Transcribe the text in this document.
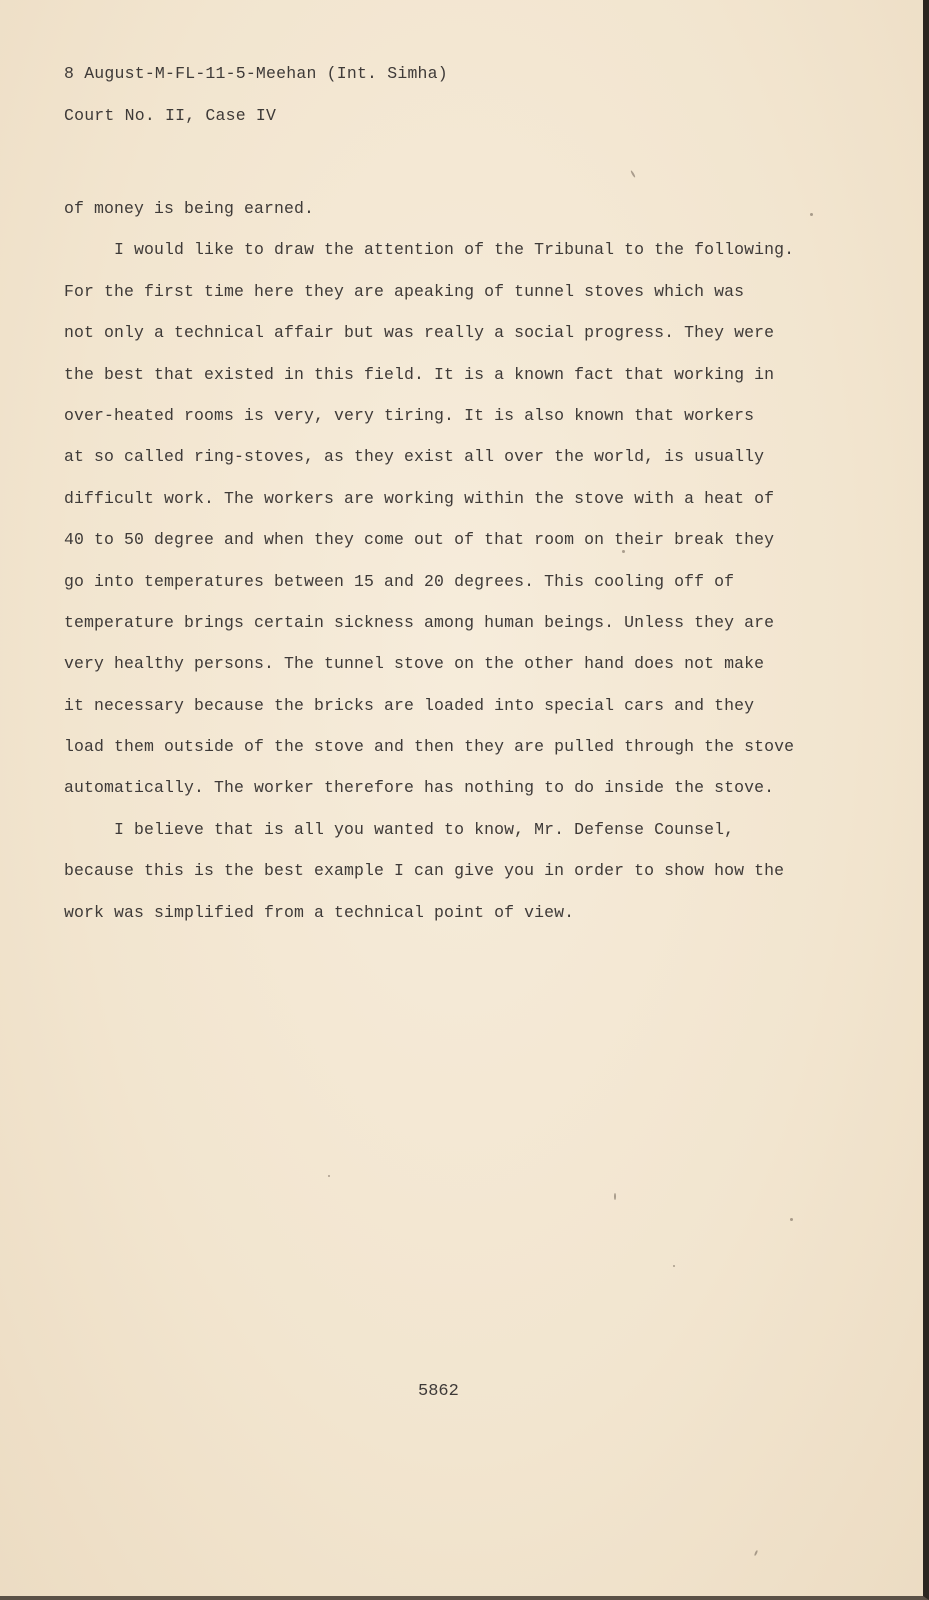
8 August-M-FL-11-5-Meehan (Int. Simha)

Court No. II, Case IV

of money is being earned.
I would like to draw the attention of the Tribunal to the following.
For the first time here they are apeaking of tunnel stoves which was
not only a technical affair but was really a social progress. They were
the best that existed in this field. It is a known fact that working in
over-heated rooms is very, very tiring. It is also known that workers
at so called ring-stoves, as they exist all over the world, is usually
difficult work. The workers are working within the stove with a heat of
40 to 50 degree and when they come out of that room on their break they
go into temperatures between 15 and 20 degrees. This cooling off of
temperature brings certain sickness among human beings. Unless they are
very healthy persons. The tunnel stove on the other hand does not make
it necessary because the bricks are loaded into special cars and they
load them outside of the stove and then they are pulled through the stove
automatically. The worker therefore has nothing to do inside the stove.
I believe that is all you wanted to know, Mr. Defense Counsel,
because this is the best example I can give you in order to show how the
work was simplified from a technical point of view.
5862
